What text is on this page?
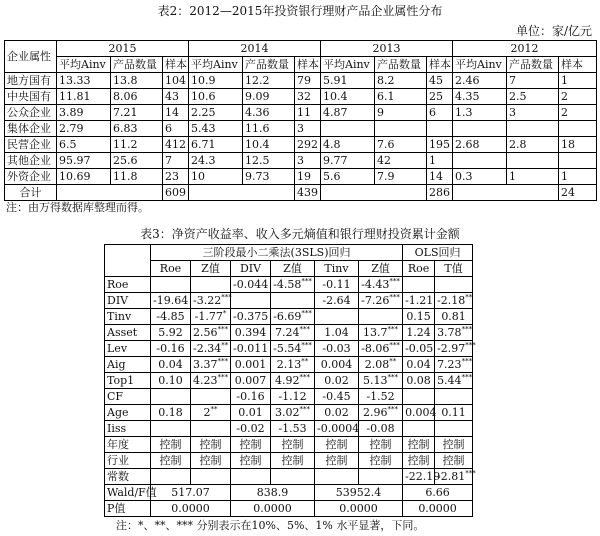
表2：2012—2015年投资银行理财产品企业属性分布
单位：家/亿元
企业属性	2015			2014			2013			2012		
	平均Ainv	产品数量	样本	平均Ainv	产品数量	样本	平均Ainv	产品数量	样本	平均Ainv	产品数量	样本
地方国有	13.33	13.8	104	10.9	12.2	79	5.91	8.2	45	2.46	7	1
中央国有	11.81	8.06	43	10.6	9.09	32	10.4	6.1	25	4.35	2.5	2
公众企业	3.89	7.21	14	2.25	4.36	11	4.87	9	6	1.3	3	2
集体企业	2.79	6.83	6	5.43	11.6	3						
民营企业	6.5	11.2	412	6.71	10.4	292	4.8	7.6	195	2.68	2.8	18
其他企业	95.97	25.6	7	24.3	12.5	3	9.77	42	1			
外资企业	10.69	11.8	23	10	9.73	19	5.6	7.9	14	0.3	1	1
合计			609			439			286			24
注：由万得数据库整理而得。
表3：净资产收益率、收入多元熵值和银行理财投资累计金额
	三阶段最小二乘法(3SLS)回归						OLS回归	
	Roe	Z值	DIV	Z值	Tinv	Z值	Roe	T值
Roe			-0.044	-4.58***	-0.11	-4.43***		
DIV	-19.64	-3.22***			-2.64	-7.26***	-1.21	-2.18**
Tinv	-4.85	-1.77*	-0.375	-6.69***			0.15	0.81
Asset	5.92	2.56***	0.394	7.24***	1.04	13.7***	1.24	3.78***
Lev	-0.16	-2.34**	-0.011	-5.54***	-0.03	-8.06***	-0.05	-2.97***
Aig	0.04	3.37***	0.001	2.13**	0.004	2.08**	0.04	7.23***
Top1	0.10	4.23***	0.007	4.92***	0.02	5.13***	0.08	5.44***
CF			-0.16	-1.12	-0.45	-1.52		
Age	0.18	2**	0.01	3.02***	0.02	2.96***	0.004	0.11
Iiss			-0.02	-1.53	-0.0004	-0.08		
年度	控制	控制	控制	控制	控制	控制	控制	控制
行业	控制	控制	控制	控制	控制	控制	控制	控制
常数							-22.19	-2.81***
Wald/F值	517.07		838.9		53952.4		6.66	
P值	0.0000		0.0000		0.0000		0.0000	
注：*、**、*** 分别表示在10%、5%、1% 水平显著，下同。
